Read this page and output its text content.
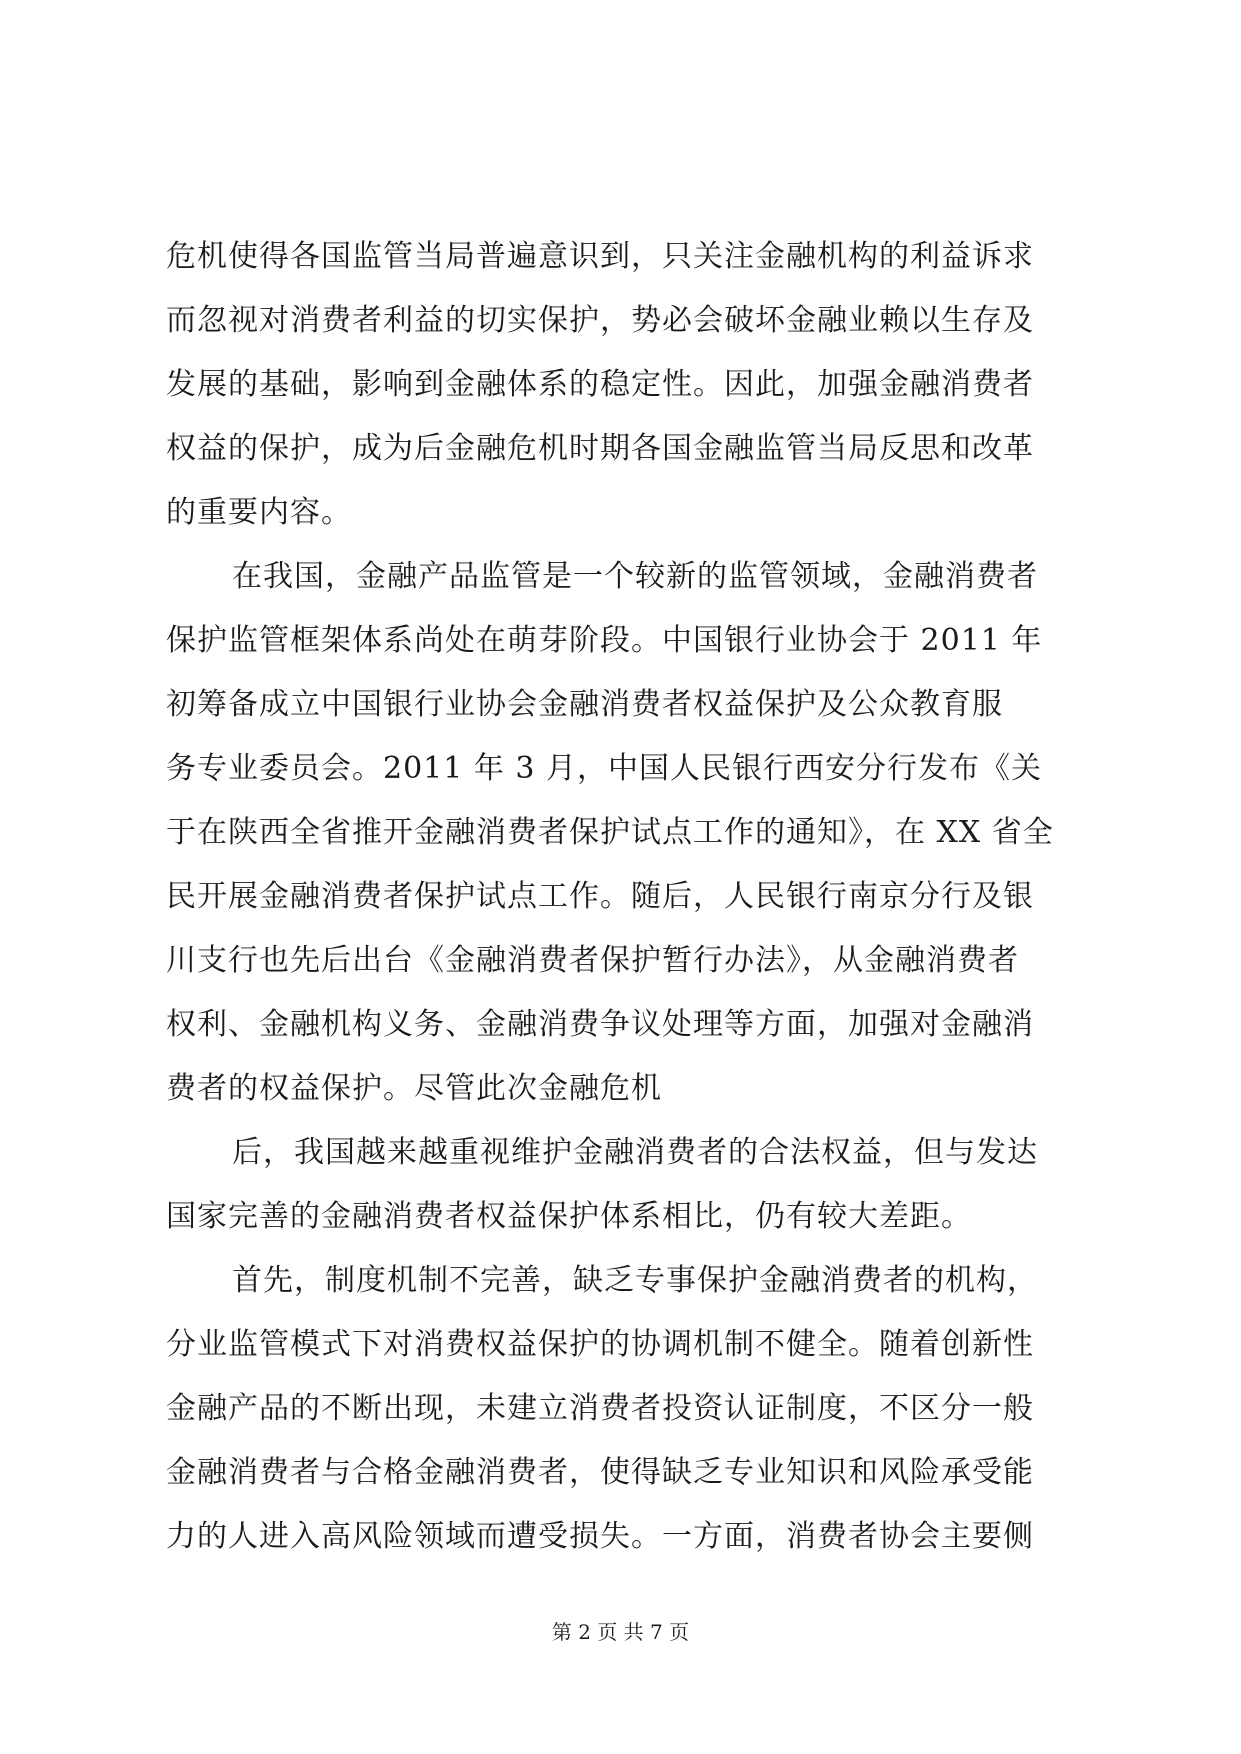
危机使得各国监管当局普遍意识到，只关注金融机构的利益诉求
而忽视对消费者利益的切实保护，势必会破坏金融业赖以生存及
发展的基础，影响到金融体系的稳定性。因此，加强金融消费者
权益的保护，成为后金融危机时期各国金融监管当局反思和改革
的重要内容。
在我国，金融产品监管是一个较新的监管领域，金融消费者
保护监管框架体系尚处在萌芽阶段。中国银行业协会于 2011 年
初筹备成立中国银行业协会金融消费者权益保护及公众教育服
务专业委员会。2011 年 3 月，中国人民银行西安分行发布《关
于在陕西全省推开金融消费者保护试点工作的通知》，在 XX 省全
民开展金融消费者保护试点工作。随后，人民银行南京分行及银
川支行也先后出台《金融消费者保护暂行办法》，从金融消费者
权利、金融机构义务、金融消费争议处理等方面，加强对金融消
费者的权益保护。尽管此次金融危机
后，我国越来越重视维护金融消费者的合法权益，但与发达
国家完善的金融消费者权益保护体系相比，仍有较大差距。
首先，制度机制不完善，缺乏专事保护金融消费者的机构，
分业监管模式下对消费权益保护的协调机制不健全。随着创新性
金融产品的不断出现，未建立消费者投资认证制度，不区分一般
金融消费者与合格金融消费者，使得缺乏专业知识和风险承受能
力的人进入高风险领域而遭受损失。一方面，消费者协会主要侧
第 2 页 共 7 页
